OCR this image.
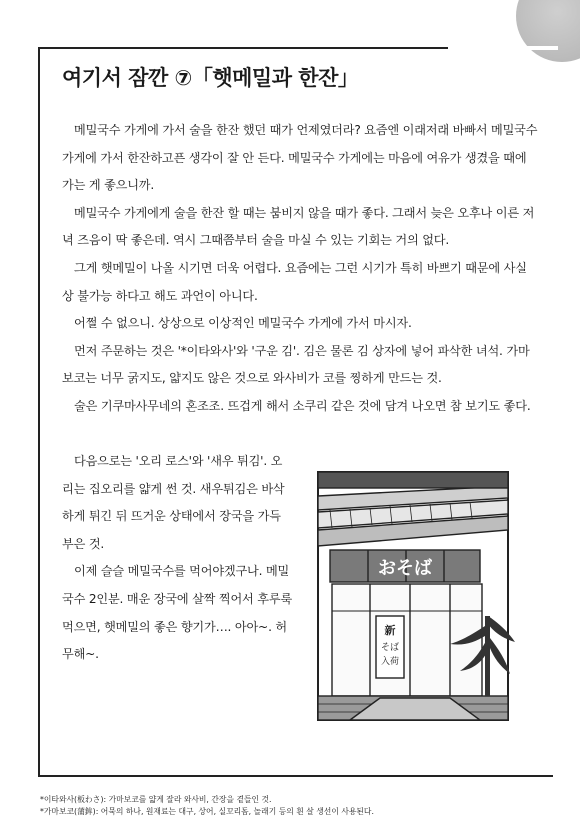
여기서 잠깐 ⑦「햇메밀과 한잔」

메밀국수 가게에 가서 술을 한잔 했던 때가 언제였더라? 요즘엔 이래저래 바빠서 메밀국수 가게에 가서 한잔하고픈 생각이 잘 안 든다. 메밀국수 가게에는 마음에 여유가 생겼을 때에 가는 게 좋으니까.

메밀국수 가게에게 술을 한잔 할 때는 붐비지 않을 때가 좋다. 그래서 늦은 오후나 이른 저녁 즈음이 딱 좋은데. 역시 그때쯤부터 술을 마실 수 있는 기회는 거의 없다.

그게 햇메밀이 나올 시기면 더욱 어렵다. 요즘에는 그런 시기가 특히 바쁘기 때문에 사실상 불가능 하다고 해도 과언이 아니다.

어쩔 수 없으니. 상상으로 이상적인 메밀국수 가게에 가서 마시자.

먼저 주문하는 것은 '*이타와사'와 '구운 김'. 김은 물론 김 상자에 넣어 파삭한 녀석. 가마보코는 너무 굵지도, 얇지도 않은 것으로 와사비가 코를 찡하게 만드는 것.

술은 기쿠마사무네의 혼조조. 뜨겁게 해서 소쿠리 같은 것에 담겨 나오면 참 보기도 좋다.

다음으로는 '오리 로스'와 '새우 튀김'. 오리는 집오리를 얇게 썬 것. 새우튀김은 바삭하게 튀긴 뒤 뜨거운 상태에서 장국을 가득 부은 것.

이제 슬슬 메밀국수를 먹어야겠구나. 메밀국수 2인분. 매운 장국에 살짝 찍어서 후루룩 먹으면, 햇메밀의 좋은 향기가…. 아아~. 허무해~.

おそば
新
そば
入荷
*이타와사(板わさ): 가마보코를 얇게 잘라 와사비, 간장을 곁들인 것.
*가마보코(蒲鉾): 어묵의 하나, 원재료는 대구, 상어, 실꼬리돔, 놀래기 등의 흰 살 생선이 사용된다.
